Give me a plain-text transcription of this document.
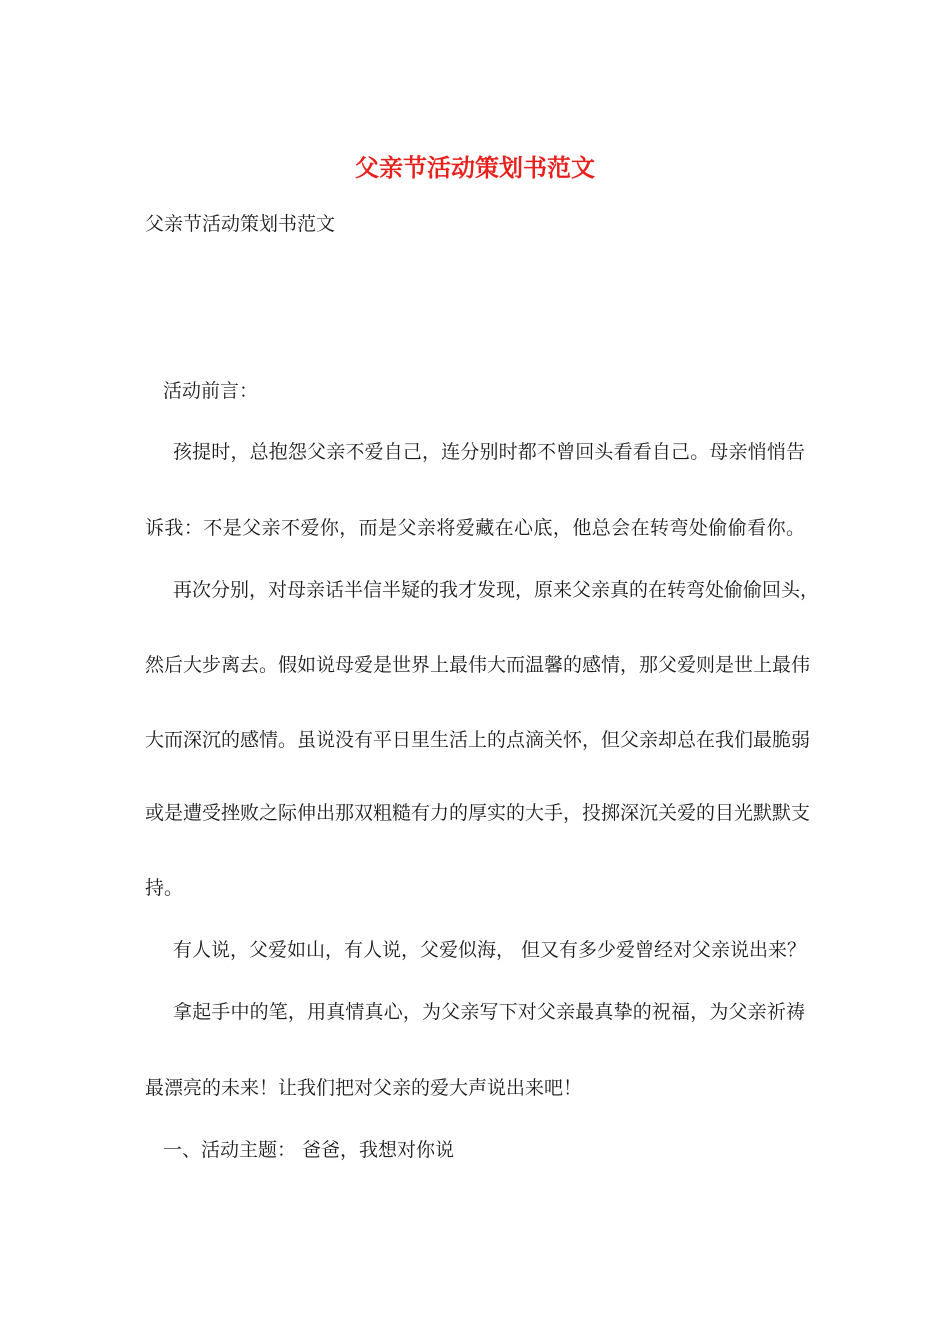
父亲节活动策划书范文
父亲节活动策划书范文
活动前言：
孩提时，总抱怨父亲不爱自己，连分别时都不曾回头看看自己。母亲悄悄告
诉我：不是父亲不爱你，而是父亲将爱藏在心底，他总会在转弯处偷偷看你。
再次分别，对母亲话半信半疑的我才发现，原来父亲真的在转弯处偷偷回头，
然后大步离去。假如说母爱是世界上最伟大而温馨的感情，那父爱则是世上最伟
大而深沉的感情。虽说没有平日里生活上的点滴关怀，但父亲却总在我们最脆弱
或是遭受挫败之际伸出那双粗糙有力的厚实的大手，投掷深沉关爱的目光默默支
持。
有人说，父爱如山，有人说，父爱似海， 但又有多少爱曾经对父亲说出来？
拿起手中的笔，用真情真心，为父亲写下对父亲最真挚的祝福，为父亲祈祷
最漂亮的未来！让我们把对父亲的爱大声说出来吧！
一、活动主题： 爸爸，我想对你说
